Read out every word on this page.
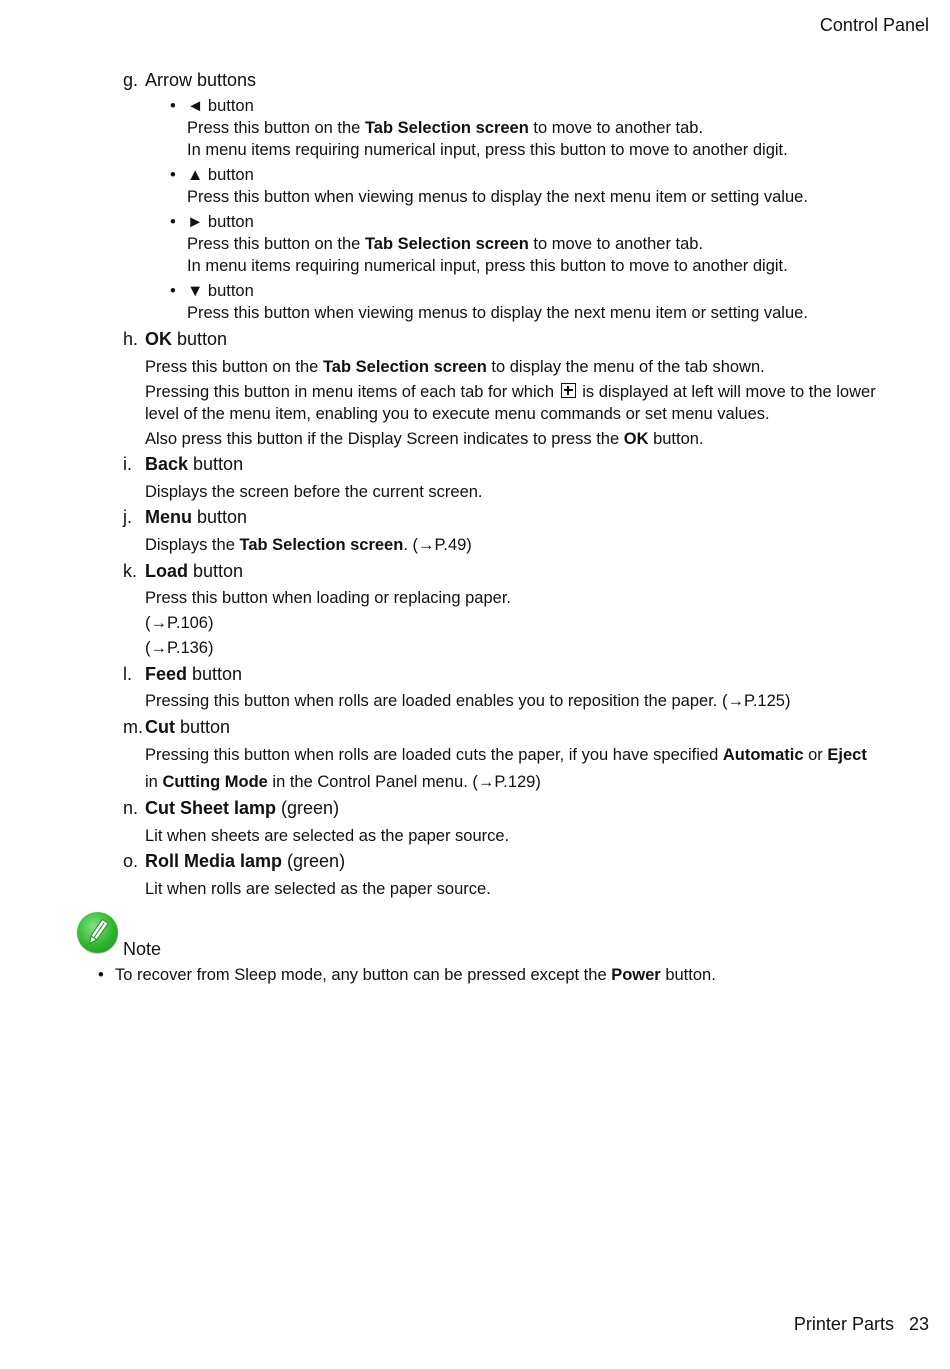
Control Panel
g. Arrow buttons
• ◄ button
Press this button on the Tab Selection screen to move to another tab.
In menu items requiring numerical input, press this button to move to another digit.
• ▲ button
Press this button when viewing menus to display the next menu item or setting value.
• ► button
Press this button on the Tab Selection screen to move to another tab.
In menu items requiring numerical input, press this button to move to another digit.
• ▼ button
Press this button when viewing menus to display the next menu item or setting value.
h. OK button
Press this button on the Tab Selection screen to display the menu of the tab shown.
Pressing this button in menu items of each tab for which  is displayed at left will move to the lower
level of the menu item, enabling you to execute menu commands or set menu values.
Also press this button if the Display Screen indicates to press the OK button.
i. Back button
Displays the screen before the current screen.
j. Menu button
Displays the Tab Selection screen. (→P.49)
k. Load button
Press this button when loading or replacing paper.
(→P.106)
(→P.136)
l. Feed button
Pressing this button when rolls are loaded enables you to reposition the paper. (→P.125)
m. Cut button
Pressing this button when rolls are loaded cuts the paper, if you have specified Automatic or Eject
in Cutting Mode in the Control Panel menu. (→P.129)
n. Cut Sheet lamp (green)
Lit when sheets are selected as the paper source.
o. Roll Media lamp (green)
Lit when rolls are selected as the paper source.
Note
• To recover from Sleep mode, any button can be pressed except the Power button.
Printer Parts 23
